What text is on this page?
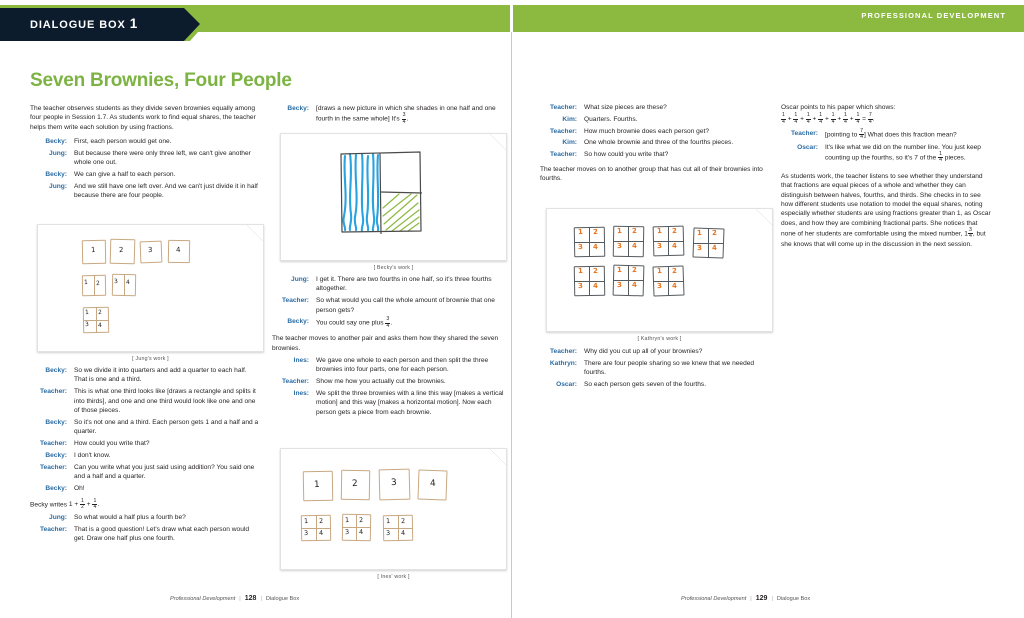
PROFESSIONAL DEVELOPMENT
DIALOGUE BOX 1
Seven Brownies, Four People
The teacher observes students as they divide seven brownies equally among four people in Session 1.7. As students work to find equal shares, the teacher helps them write each solution by using fractions.
Becky:	First, each person would get one.
Jung:	But because there were only three left, we can't give another whole one out.
Becky:	We can give a half to each person.
Jung:	And we still have one left over. And we can't just divide it in half because there are four people.
1	2	3	4
1 2 3 4
1 2
3 4
[ Jung's work ]
Becky:	So we divide it into quarters and add a quarter to each half. That is one and a third.
Teacher:	This is what one third looks like [draws a rectangle and splits it into thirds], and one and one third would look like one and one of those pieces.
Becky:	So it's not one and a third. Each person gets 1 and a half and a quarter.
Teacher:	How could you write that?
Becky:	I don't know.
Teacher:	Can you write what you just said using addition? You said one and a half and a quarter.
Becky:	Oh!
Becky writes $1 + \frac{1}{2} + \frac{1}{4}$ .
Jung:	So what would a half plus a fourth be?
Teacher:	That is a good question! Let's draw what each person would get. Draw one half plus one fourth.
Becky:	[draws a new picture in which she shades in one half and one fourth in the same whole] $It's \frac{3}{4}$ .
[ Becky's work ]
Jung:	I get it. There are two fourths in one half, so it's three fourths altogether.
Teacher:	So what would you call the whole amount of brownie that one person gets?
Becky:	You could say one plus $\frac{3}{4}$ .
The teacher moves to another pair and asks them how they shared the seven brownies.
Ines:	We gave one whole to each person and then split the three brownies into four parts, one for each person.
Teacher:	Show me how you actually cut the brownies.
Ines:	We split the three brownies with a line this way [makes a vertical motion] and this way [makes a horizontal motion]. Now each person gets a piece from each brownie.
1	2	3	4
1 2
3 4
1 2
3 4
1 2
3 4
[ Ines' work ]
Teacher:	What size pieces are these?
Kim:	Quarters. Fourths.
Teacher:	How much brownie does each person get?
Kim:	One whole brownie and three of the fourths pieces.
Teacher:	So how could you write that?
The teacher moves on to another group that has cut all of their brownies into fourths.
1 2
3 4
1 2
3 4
1 2
3 4
1 2
3 4
1 2
3 4
1 2
3 4
1 2
3 4
[ Kathryn's work ]
Teacher:	Why did you cut up all of your brownies?
Kathryn:	There are four people sharing so we knew that we needed fourths.
Oscar:	So each person gets seven of the fourths.
Oscar points to his paper which shows:
$\frac{1}{4} + \frac{1}{4} + \frac{1}{4} + \frac{1}{4} + \frac{1}{4} + \frac{1}{4} + \frac{1}{4} = \frac{7}{4}$ .
Teacher:	[pointing to $\frac{7}{4}$ ] What does this fraction mean?
Oscar:	It's like what we did on the number line. You just keep counting up the fourths, so it's 7 of the $\frac{1}{4}$ pieces.
As students work, the teacher listens to see whether they understand that fractions are equal pieces of a whole and whether they can distinguish between halves, fourths, and thirds. She checks in to see how different students use notation to model the equal shares, noting especially whether students are using fractions greater than 1, as Oscar does, and how they are combining fractional parts. She notices that none of her students are comfortable using the mixed number, $1 \frac{3}{4}$ , but she knows that will come up in the discussion in the next session.
Professional Development | 128 | Dialogue Box	Professional Development | 129 | Dialogue Box
